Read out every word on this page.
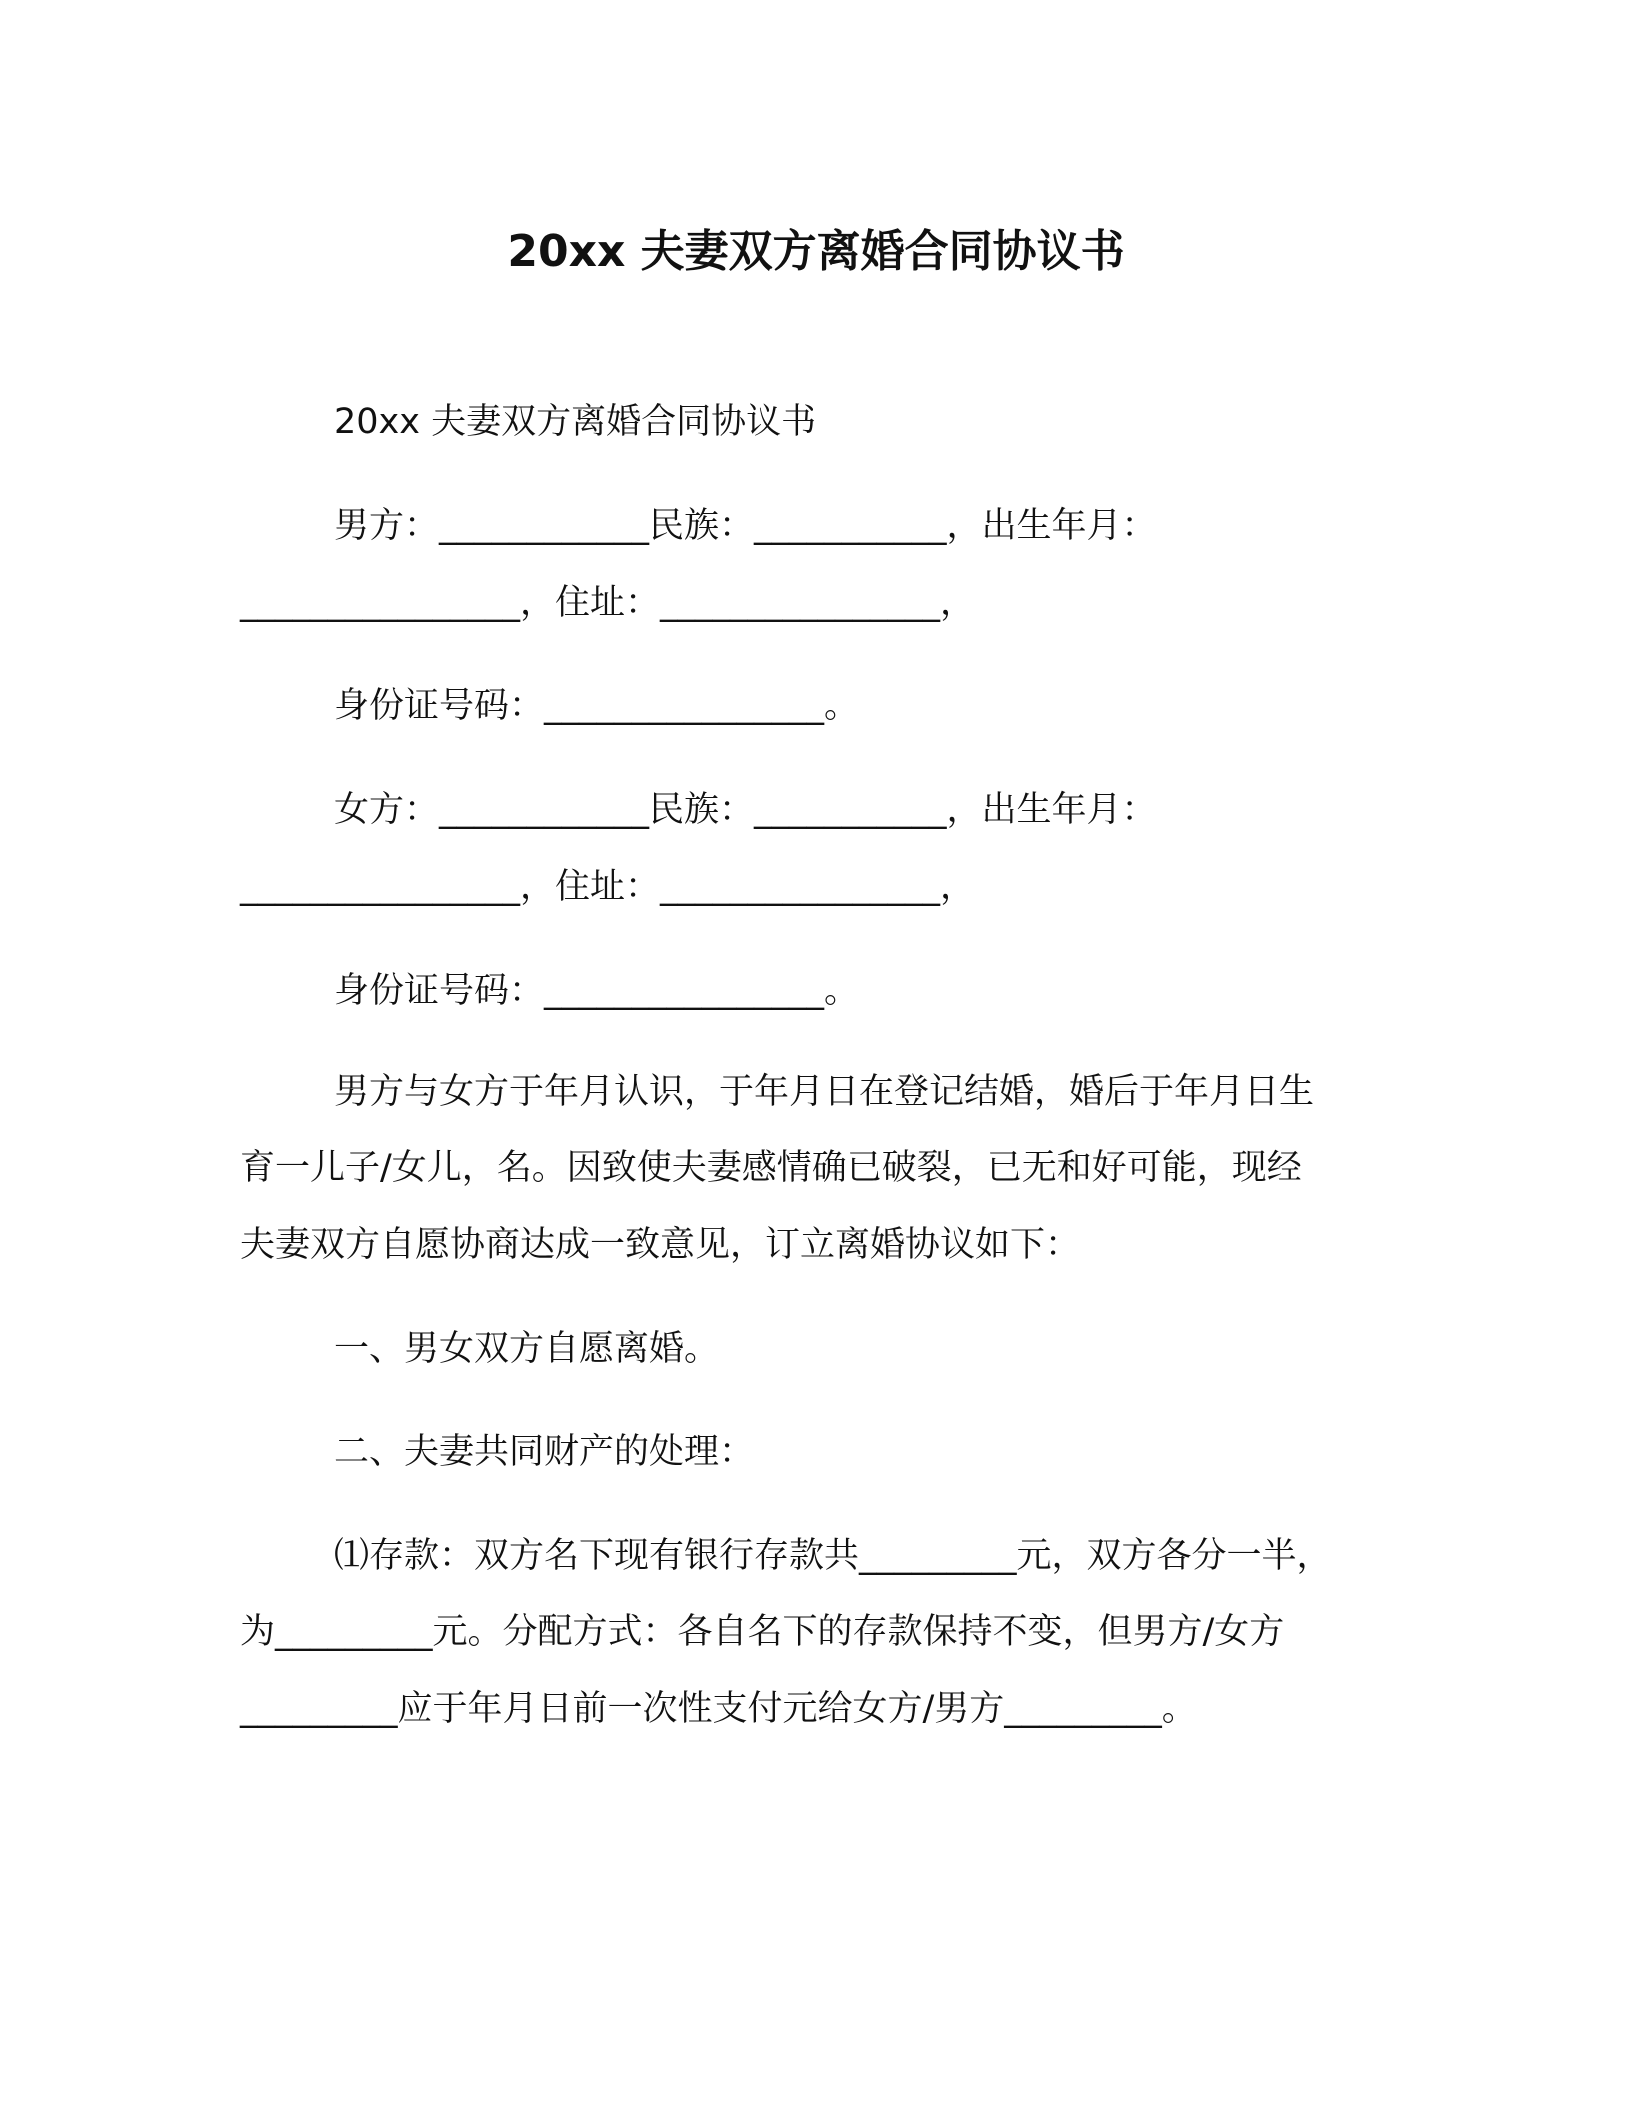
20xx 夫妻双方离婚合同协议书
20xx 夫妻双方离婚合同协议书
男方：____________民族：___________，出生年月：
________________，住址：________________，
身份证号码：________________。
女方：____________民族：___________，出生年月：
________________，住址：________________，
身份证号码：________________。
男方与女方于年月认识，于年月日在登记结婚，婚后于年月日生
育一儿子/女儿，名。因致使夫妻感情确已破裂，已无和好可能，现经
夫妻双方自愿协商达成一致意见，订立离婚协议如下：
一、男女双方自愿离婚。
二、夫妻共同财产的处理：
⑴存款：双方名下现有银行存款共_________元，双方各分一半，
为_________元。分配方式：各自名下的存款保持不变，但男方/女方
_________应于年月日前一次性支付元给女方/男方_________。
